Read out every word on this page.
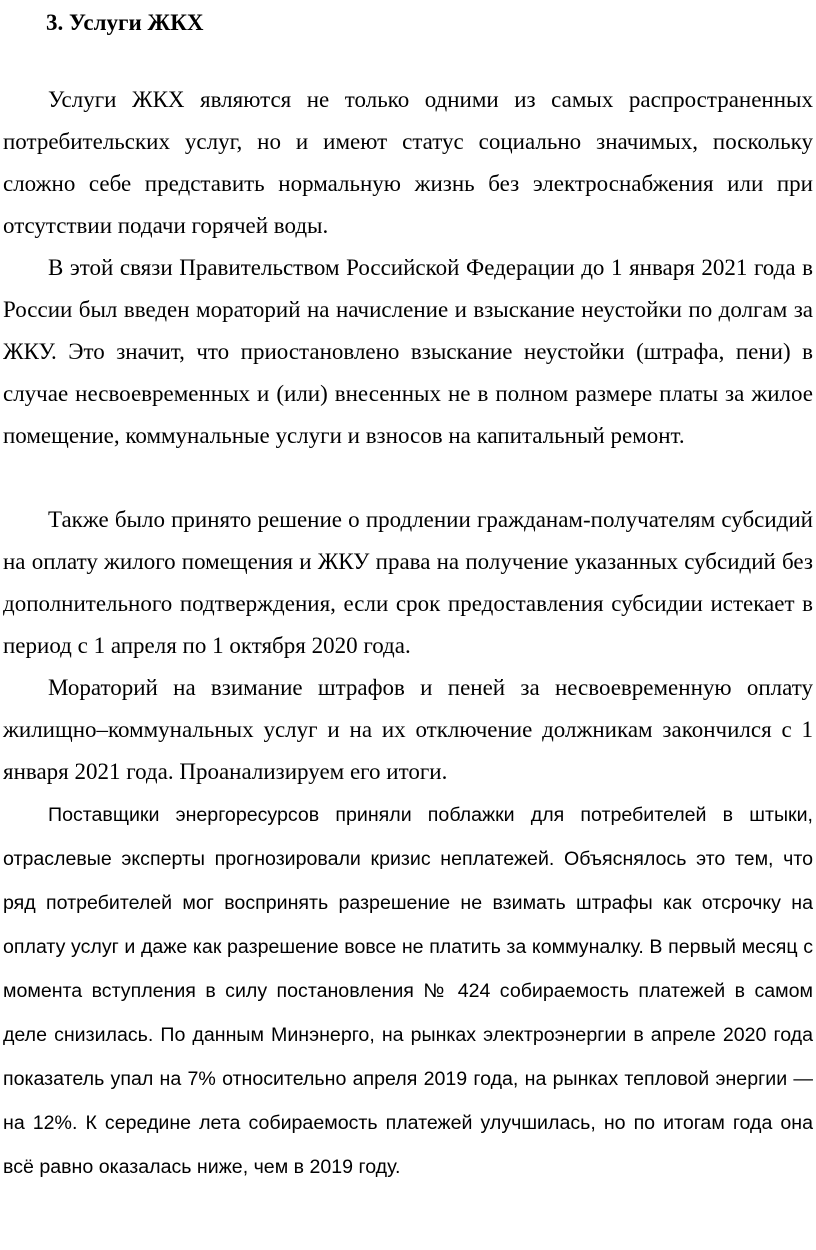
3. Услуги ЖКХ

Услуги ЖКХ являются не только одними из самых распространенных потребительских услуг, но и имеют статус социально значимых, поскольку сложно себе представить нормальную жизнь без электроснабжения или при отсутствии подачи горячей воды.

В этой связи Правительством Российской Федерации до 1 января 2021 года в России был введен мораторий на начисление и взыскание неустойки по долгам за ЖКУ. Это значит, что приостановлено взыскание неустойки (штрафа, пени) в случае несвоевременных и (или) внесенных не в полном размере платы за жилое помещение, коммунальные услуги и взносов на капитальный ремонт.

Также было принято решение о продлении гражданам-получателям субсидий на оплату жилого помещения и ЖКУ права на получение указанных субсидий без дополнительного подтверждения, если срок предоставления субсидии истекает в период с 1 апреля по 1 октября 2020 года.

Мораторий на взимание штрафов и пеней за несвоевременную оплату жилищно–коммунальных услуг и на их отключение должникам закончился с 1 января 2021 года. Проанализируем его итоги.

Поставщики энергоресурсов приняли поблажки для потребителей в штыки, отраслевые эксперты прогнозировали кризис неплатежей. Объяснялось это тем, что ряд потребителей мог воспринять разрешение не взимать штрафы как отсрочку на оплату услуг и даже как разрешение вовсе не платить за коммуналку. В первый месяц с момента вступления в силу постановления № 424 собираемость платежей в самом деле снизилась. По данным Минэнерго, на рынках электроэнергии в апреле 2020 года показатель упал на 7% относительно апреля 2019 года, на рынках тепловой энергии — на 12%. К середине лета собираемость платежей улучшилась, но по итогам года она всё равно оказалась ниже, чем в 2019 году.
